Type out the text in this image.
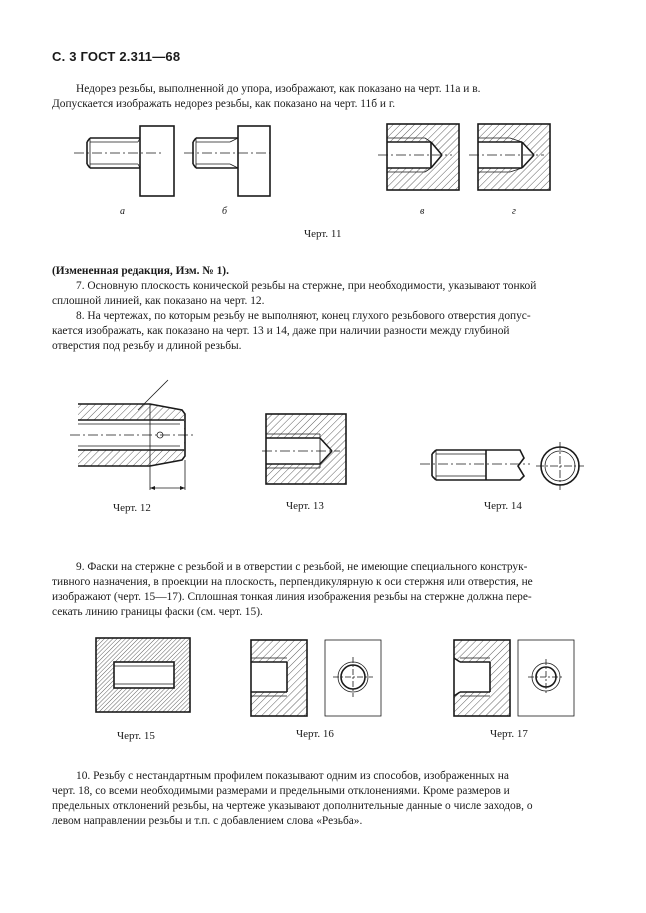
С. 3 ГОСТ 2.311—68

Недорез резьбы, выполненной до упора, изображают, как показано на черт. 11а и в.
Допускается изображать недорез резьбы, как показано на черт. 11б и г.

а	б	в	г
Черт. 11

(Измененная редакция, Изм. № 1).

7. Основную плоскость конической резьбы на стержне, при необходимости, указывают тонкой
сплошной линией, как показано на черт. 12.

8. На чертежах, по которым резьбу не выполняют, конец глухого резьбового отверстия допус-
кается изображать, как показано на черт. 13 и 14, даже при наличии разности между глубиной
отверстия под резьбу и длиной резьбы.

Черт. 12	Черт. 13	Черт. 14

9. Фаски на стержне с резьбой и в отверстии с резьбой, не имеющие специального конструк-
тивного назначения, в проекции на плоскость, перпендикулярную к оси стержня или отверстия, не
изображают (черт. 15—17). Сплошная тонкая линия изображения резьбы на стержне должна пере-
секать линию границы фаски (см. черт. 15).

Черт. 15	Черт. 16	Черт. 17

10. Резьбу с нестандартным профилем показывают одним из способов, изображенных на
черт. 18, со всеми необходимыми размерами и предельными отклонениями. Кроме размеров и
предельных отклонений резьбы, на чертеже указывают дополнительные данные о числе заходов, о
левом направлении резьбы и т.п. с добавлением слова «Резьба».
